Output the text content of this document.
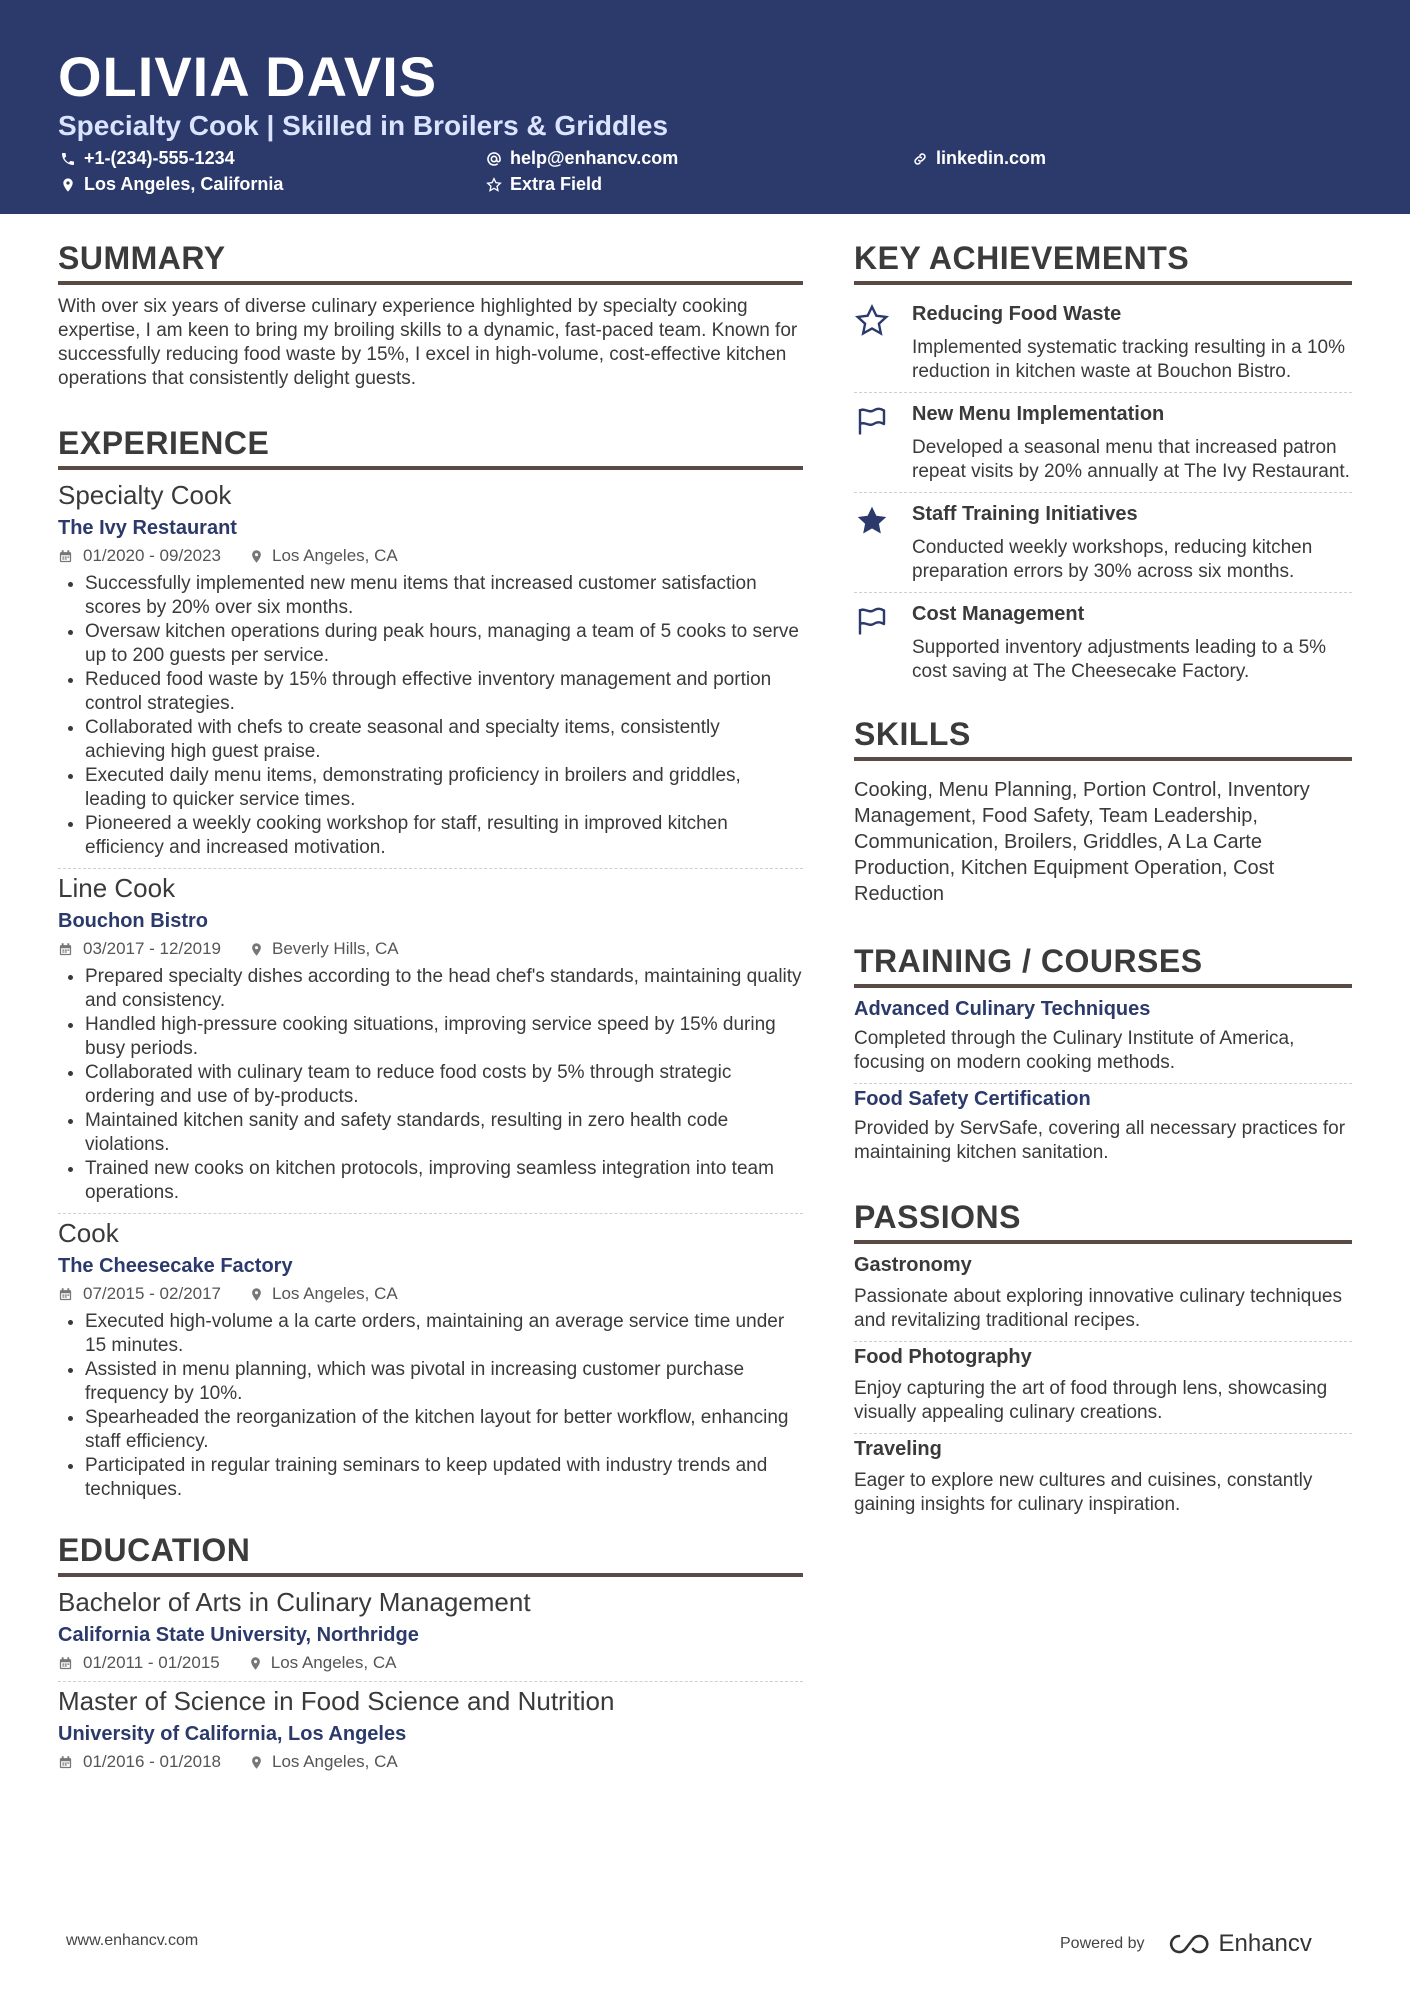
OLIVIA DAVIS
Specialty Cook | Skilled in Broilers & Griddles
+1-(234)-555-1234	help@enhancv.com	linkedin.com
Los Angeles, California	Extra Field
SUMMARY
With over six years of diverse culinary experience highlighted by specialty cooking expertise, I am keen to bring my broiling skills to a dynamic, fast-paced team. Known for successfully reducing food waste by 15%, I excel in high-volume, cost-effective kitchen operations that consistently delight guests.
EXPERIENCE
Specialty Cook
The Ivy Restaurant
01/2020 - 09/2023	Los Angeles, CA
• Successfully implemented new menu items that increased customer satisfaction scores by 20% over six months.
• Oversaw kitchen operations during peak hours, managing a team of 5 cooks to serve up to 200 guests per service.
• Reduced food waste by 15% through effective inventory management and portion control strategies.
• Collaborated with chefs to create seasonal and specialty items, consistently achieving high guest praise.
• Executed daily menu items, demonstrating proficiency in broilers and griddles, leading to quicker service times.
• Pioneered a weekly cooking workshop for staff, resulting in improved kitchen efficiency and increased motivation.
Line Cook
Bouchon Bistro
03/2017 - 12/2019	Beverly Hills, CA
• Prepared specialty dishes according to the head chef's standards, maintaining quality and consistency.
• Handled high-pressure cooking situations, improving service speed by 15% during busy periods.
• Collaborated with culinary team to reduce food costs by 5% through strategic ordering and use of by-products.
• Maintained kitchen sanity and safety standards, resulting in zero health code violations.
• Trained new cooks on kitchen protocols, improving seamless integration into team operations.
Cook
The Cheesecake Factory
07/2015 - 02/2017	Los Angeles, CA
• Executed high-volume a la carte orders, maintaining an average service time under 15 minutes.
• Assisted in menu planning, which was pivotal in increasing customer purchase frequency by 10%.
• Spearheaded the reorganization of the kitchen layout for better workflow, enhancing staff efficiency.
• Participated in regular training seminars to keep updated with industry trends and techniques.
EDUCATION
Bachelor of Arts in Culinary Management
California State University, Northridge
01/2011 - 01/2015	Los Angeles, CA
Master of Science in Food Science and Nutrition
University of California, Los Angeles
01/2016 - 01/2018	Los Angeles, CA
KEY ACHIEVEMENTS
Reducing Food Waste
Implemented systematic tracking resulting in a 10% reduction in kitchen waste at Bouchon Bistro.
New Menu Implementation
Developed a seasonal menu that increased patron repeat visits by 20% annually at The Ivy Restaurant.
Staff Training Initiatives
Conducted weekly workshops, reducing kitchen preparation errors by 30% across six months.
Cost Management
Supported inventory adjustments leading to a 5% cost saving at The Cheesecake Factory.
SKILLS
Cooking, Menu Planning, Portion Control, Inventory Management, Food Safety, Team Leadership, Communication, Broilers, Griddles, A La Carte Production, Kitchen Equipment Operation, Cost Reduction
TRAINING / COURSES
Advanced Culinary Techniques
Completed through the Culinary Institute of America, focusing on modern cooking methods.
Food Safety Certification
Provided by ServSafe, covering all necessary practices for maintaining kitchen sanitation.
PASSIONS
Gastronomy
Passionate about exploring innovative culinary techniques and revitalizing traditional recipes.
Food Photography
Enjoy capturing the art of food through lens, showcasing visually appealing culinary creations.
Traveling
Eager to explore new cultures and cuisines, constantly gaining insights for culinary inspiration.
www.enhancv.com	Powered by	Enhancv
